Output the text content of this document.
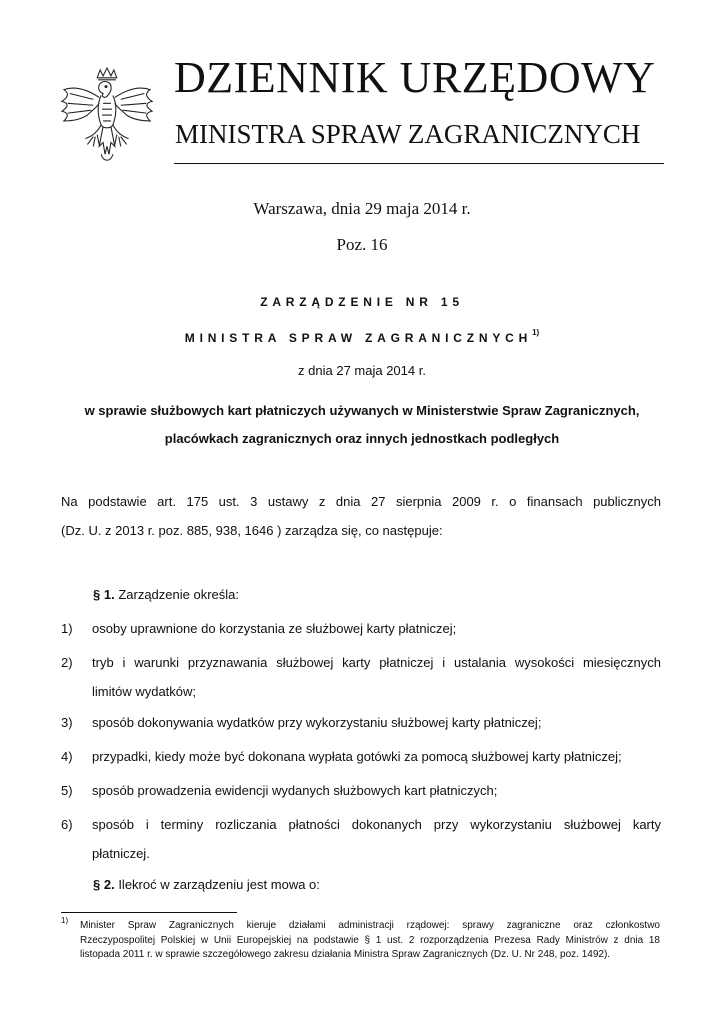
DZIENNIK URZĘDOWY
MINISTRA SPRAW ZAGRANICZNYCH
Warszawa, dnia 29 maja 2014 r.
Poz. 16
ZARZĄDZENIE NR 15
MINISTRA SPRAW ZAGRANICZNYCH$^{1)}$
z dnia 27 maja 2014 r.
w sprawie służbowych kart płatniczych używanych w Ministerstwie Spraw Zagranicznych,
placówkach zagranicznych oraz innych jednostkach podległych
Na podstawie art. 175 ust. 3 ustawy z dnia 27 sierpnia 2009 r. o finansach publicznych
(Dz. U. z 2013 r. poz. 885, 938, 1646 ) zarządza się, co następuje:
§ 1. Zarządzenie określa:
1) osoby uprawnione do korzystania ze służbowej karty płatniczej;
2) tryb i warunki przyznawania służbowej karty płatniczej i ustalania wysokości miesięcznych
limitów wydatków;
3) sposób dokonywania wydatków przy wykorzystaniu służbowej karty płatniczej;
4) przypadki, kiedy może być dokonana wypłata gotówki za pomocą służbowej karty płatniczej;
5) sposób prowadzenia ewidencji wydanych służbowych kart płatniczych;
6) sposób i terminy rozliczania płatności dokonanych przy wykorzystaniu służbowej karty
płatniczej.
§ 2. Ilekroć w zarządzeniu jest mowa o:
1) Minister Spraw Zagranicznych kieruje działami administracji rządowej: sprawy zagraniczne oraz członkostwo
Rzeczypospolitej Polskiej w Unii Europejskiej na podstawie § 1 ust. 2 rozporządzenia Prezesa Rady Ministrów z dnia 18
listopada 2011 r. w sprawie szczegółowego zakresu działania Ministra Spraw Zagranicznych (Dz. U. Nr 248, poz. 1492).
